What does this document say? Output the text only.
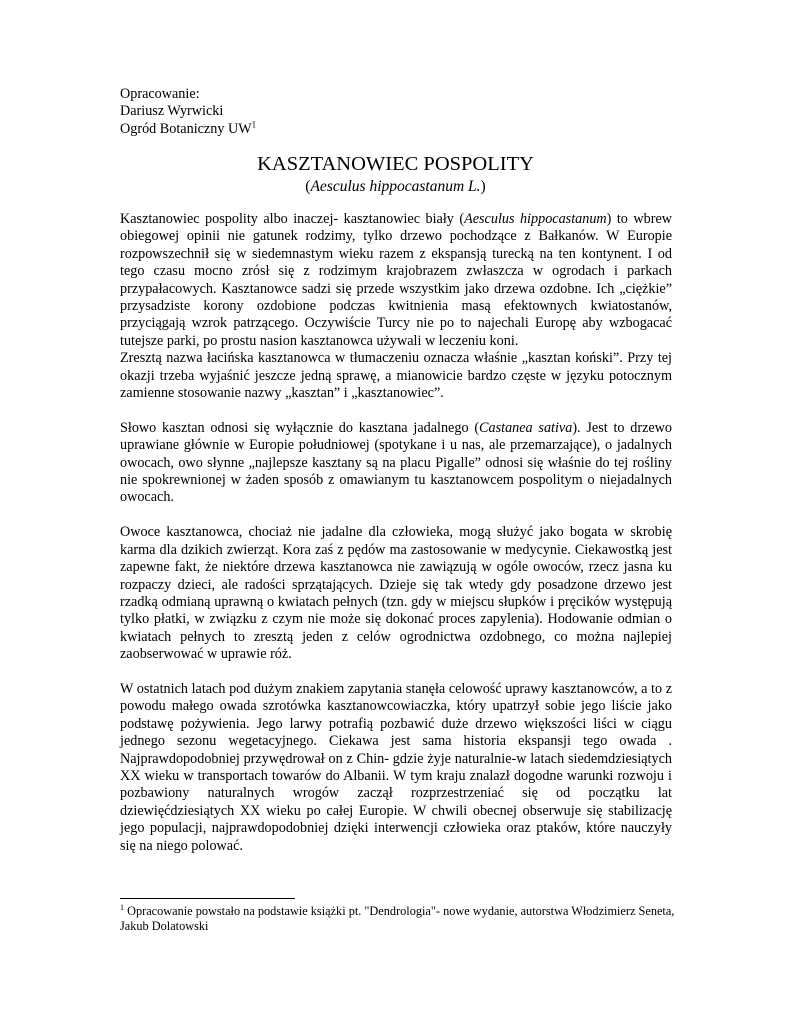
Opracowanie:
Dariusz Wyrwicki
Ogród Botaniczny UW$^1$
KASZTANOWIEC POSPOLITY
(Aesculus hippocastanum L.)

Kasztanowiec pospolity albo inaczej- kasztanowiec biały (Aesculus hippocastanum) to wbrew obiegowej opinii nie gatunek rodzimy, tylko drzewo pochodzące z Bałkanów. W Europie rozpowszechnił się w siedemnastym wieku razem z ekspansją turecką na ten kontynent. I od tego czasu mocno zrósł się z rodzimym krajobrazem zwłaszcza w ogrodach i parkach przypałacowych. Kasztanowce sadzi się przede wszystkim jako drzewa ozdobne. Ich „ciężkie” przysadziste korony ozdobione podczas kwitnienia masą efektownych kwiatostanów, przyciągają wzrok patrzącego. Oczywiście Turcy nie po to najechali Europę aby wzbogacać tutejsze parki, po prostu nasion kasztanowca używali w leczeniu koni.
Zresztą nazwa łacińska kasztanowca w tłumaczeniu oznacza właśnie „kasztan koński”. Przy tej okazji trzeba wyjaśnić jeszcze jedną sprawę, a mianowicie bardzo częste w języku potocznym zamienne stosowanie nazwy „kasztan” i „kasztanowiec”.

Słowo kasztan odnosi się wyłącznie do kasztana jadalnego (Castanea sativa). Jest to drzewo uprawiane głównie w Europie południowej (spotykane i u nas, ale przemarzające), o jadalnych owocach, owo słynne „najlepsze kasztany są na placu Pigalle” odnosi się właśnie do tej rośliny nie spokrewnionej w żaden sposób z omawianym tu kasztanowcem pospolitym o niejadalnych owocach.

Owoce kasztanowca, chociaż nie jadalne dla człowieka, mogą służyć jako bogata w skrobię karma dla dzikich zwierząt. Kora zaś z pędów ma zastosowanie w medycynie. Ciekawostką jest zapewne fakt, że niektóre drzewa kasztanowca nie zawiązują w ogóle owoców, rzecz jasna ku rozpaczy dzieci, ale radości sprzątających. Dzieje się tak wtedy gdy posadzone drzewo jest rzadką odmianą uprawną o kwiatach pełnych (tzn. gdy w miejscu słupków i pręcików występują tylko płatki, w związku z czym nie może się dokonać proces zapylenia). Hodowanie odmian o kwiatach pełnych to zresztą jeden z celów ogrodnictwa ozdobnego, co można najlepiej zaobserwować w uprawie róż.

W ostatnich latach pod dużym znakiem zapytania stanęła celowość uprawy kasztanowców, a to z powodu małego owada szrotówka kasztanowcowiaczka, który upatrzył sobie jego liście jako podstawę pożywienia. Jego larwy potrafią pozbawić duże drzewo większości liści w ciągu jednego sezonu wegetacyjnego. Ciekawa jest sama historia ekspansji tego owada . Najprawdopodobniej przywędrował on z Chin- gdzie żyje naturalnie-w latach siedemdziesiątych XX wieku w transportach towarów do Albanii. W tym kraju znalazł dogodne warunki rozwoju i pozbawiony naturalnych wrogów zaczął rozprzestrzeniać się od początku lat dziewięćdziesiątych XX wieku po całej Europie. W chwili obecnej obserwuje się stabilizację jego populacji, najprawdopodobniej dzięki interwencji człowieka oraz ptaków, które nauczyły się na niego polować.

$^1$ Opracowanie powstało na podstawie książki pt. "Dendrologia"- nowe wydanie, autorstwa Włodzimierz Seneta, Jakub Dolatowski
